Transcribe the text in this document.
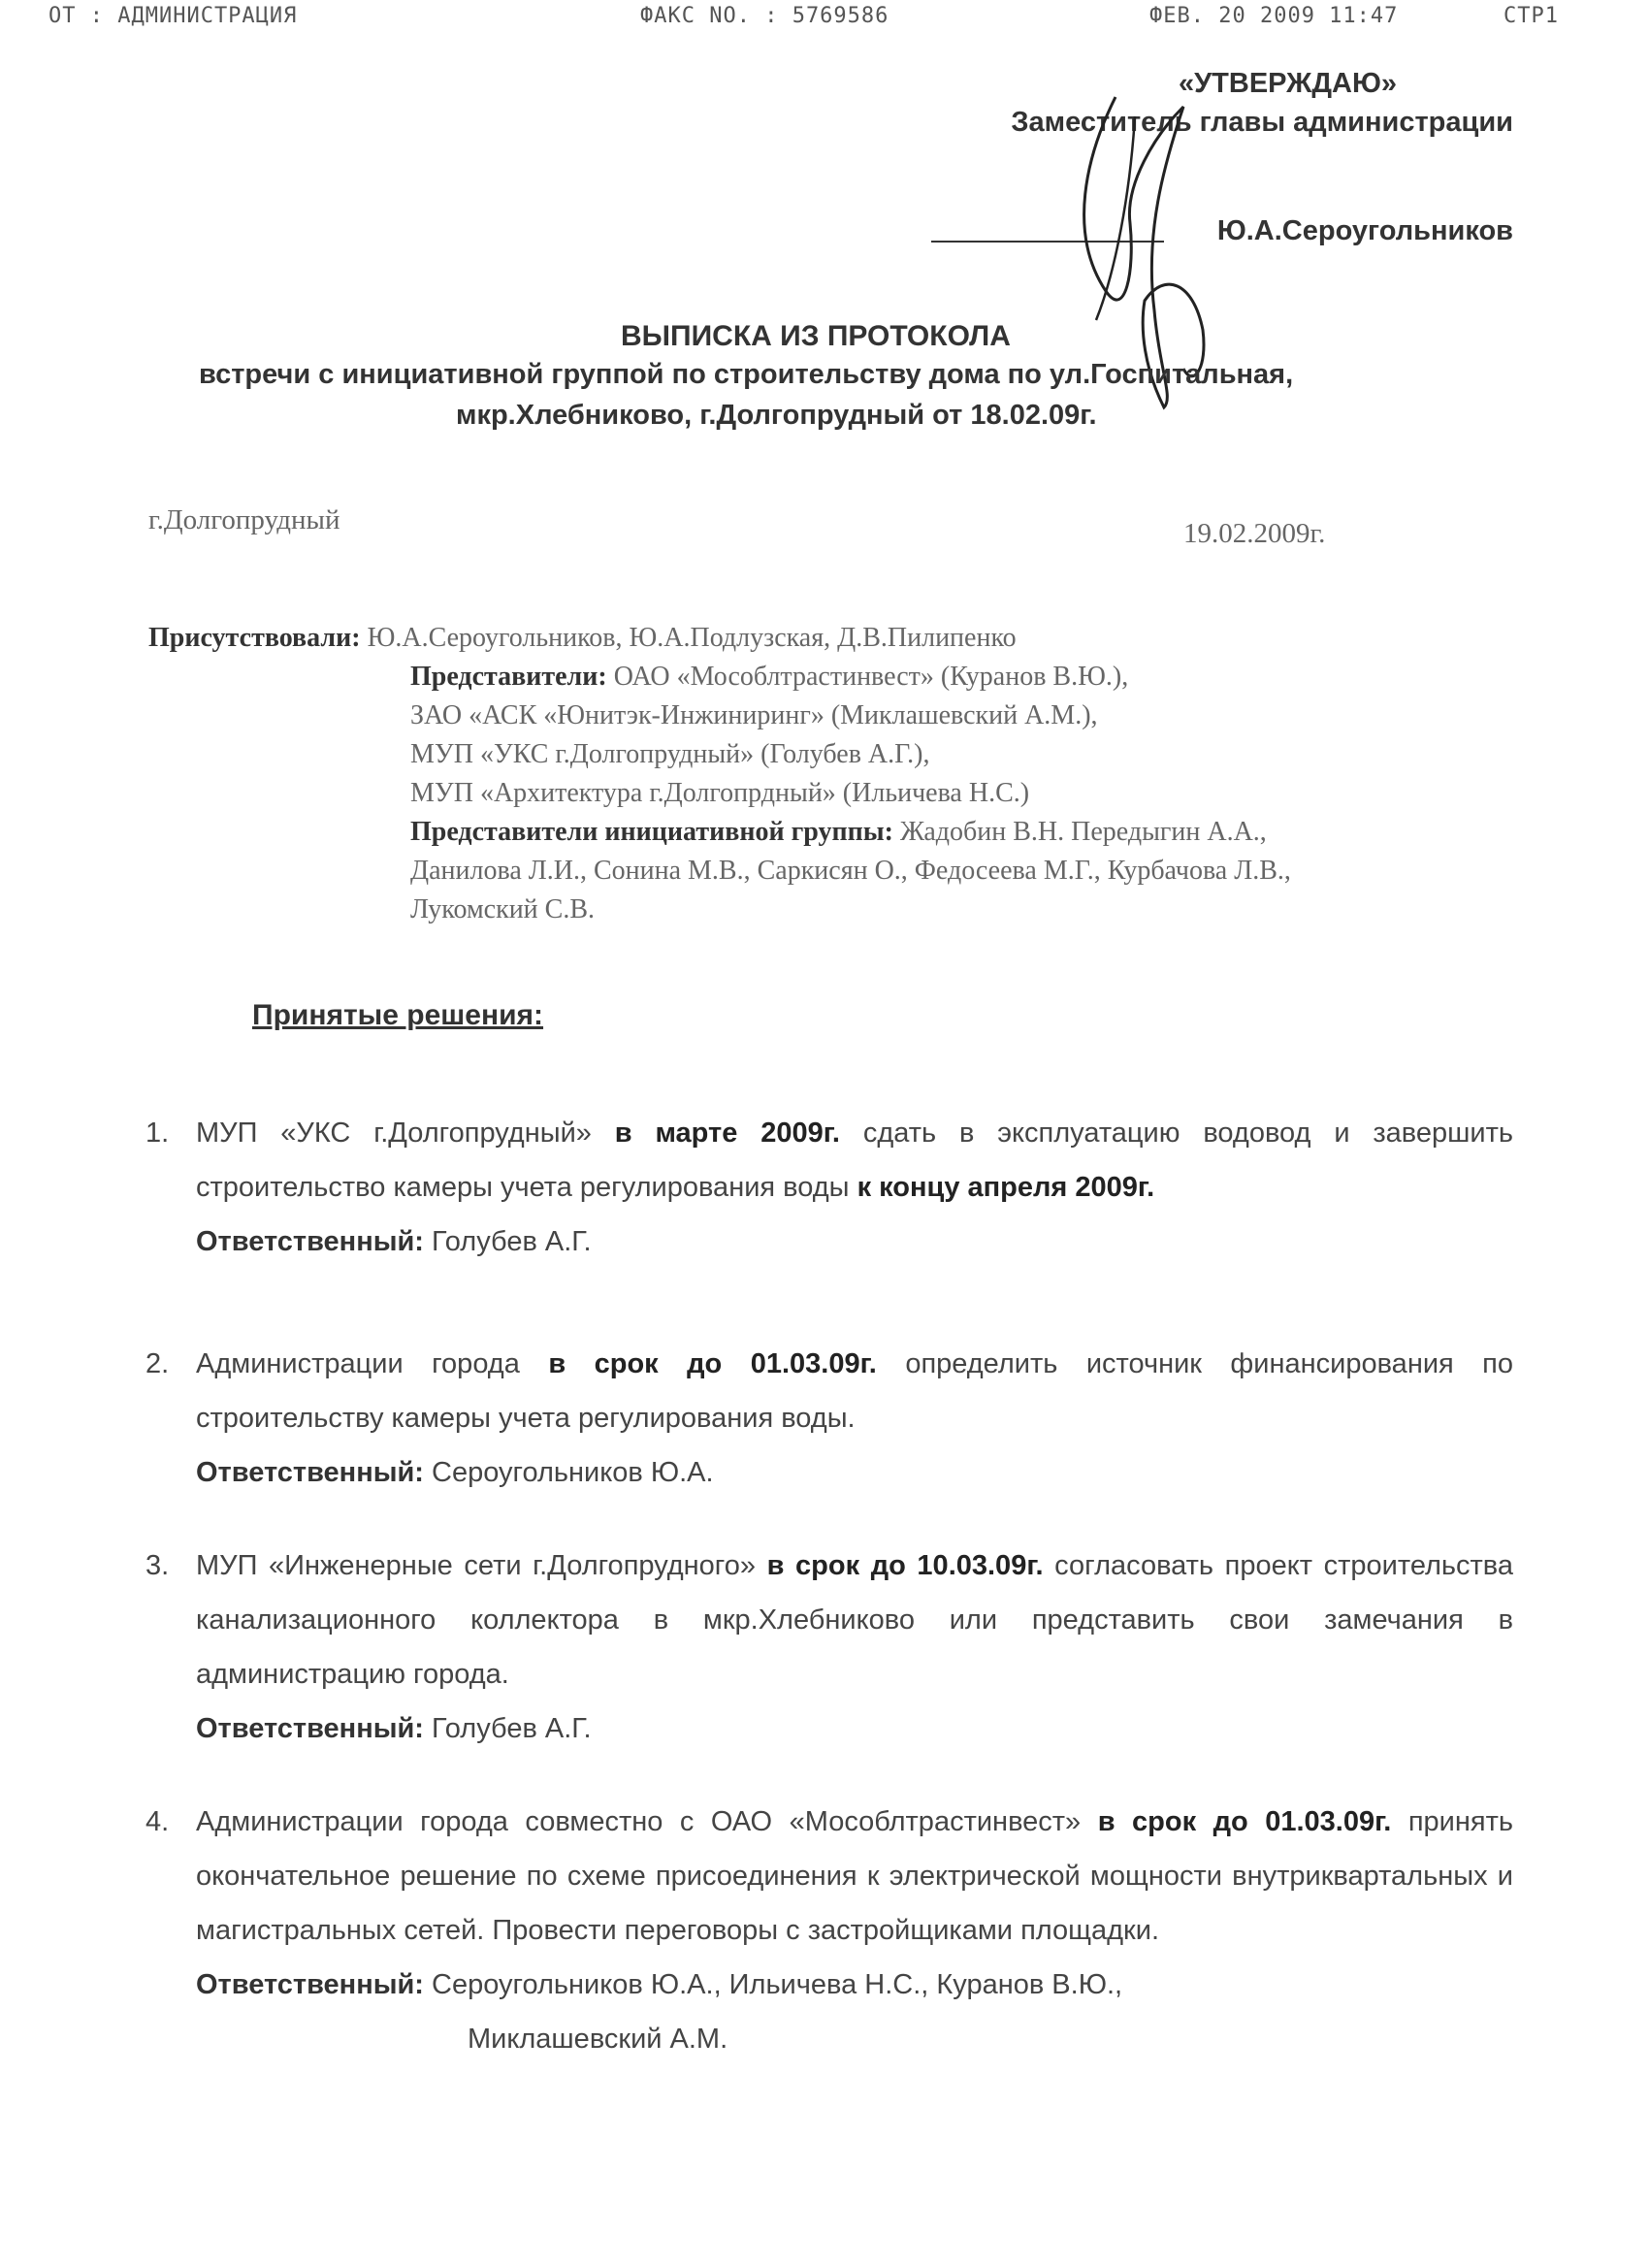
ОТ : АДМИНИСТРАЦИЯ	ФАКС NO. : 5769586	ФЕВ. 20 2009 11:47	СТР1
«УТВЕРЖДАЮ»
Заместитель главы администрации
Ю.А.Сероугольников
ВЫПИСКА ИЗ ПРОТОКОЛА
встречи с инициативной группой по строительству дома по ул.Госпитальная,
мкр.Хлебниково, г.Долгопрудный от 18.02.09г.
г.Долгопрудный	19.02.2009г.
Присутствовали: Ю.А.Сероугольников, Ю.А.Подлузская, Д.В.Пилипенко
Представители: ОАО «Мособлтрастинвест» (Куранов В.Ю.),
ЗАО «АСК «Юнитэк-Инжиниринг» (Миклашевский А.М.),
МУП «УКС г.Долгопрудный» (Голубев А.Г.),
МУП «Архитектура г.Долгопрдный» (Ильичева Н.С.)
Представители инициативной группы: Жадобин В.Н. Передыгин А.А.,
Данилова Л.И., Сонина М.В., Саркисян О., Федосеева М.Г., Курбачова Л.В.,
Лукомский С.В.
Принятые решения:
1. МУП «УКС г.Долгопрудный» в марте 2009г. сдать в эксплуатацию водовод и завершить строительство камеры учета регулирования воды к концу апреля 2009г.

Ответственный: Голубев А.Г.

2. Администрации города в срок до 01.03.09г. определить источник финансирования по строительству камеры учета регулирования воды.

Ответственный: Сероугольников Ю.А.

3. МУП «Инженерные сети г.Долгопрудного» в срок до 10.03.09г. согласовать проект строительства канализационного коллектора в мкр.Хлебниково или представить свои замечания в администрацию города.

Ответственный: Голубев А.Г.

4. Администрации города совместно с ОАО «Мособлтрастинвест» в срок до 01.03.09г. принять окончательное решение по схеме присоединения к электрической мощности внутриквартальных и магистральных сетей. Провести переговоры с застройщиками площадки.

Ответственный: Сероугольников Ю.А., Ильичева Н.С., Куранов В.Ю.,

Миклашевский А.М.
